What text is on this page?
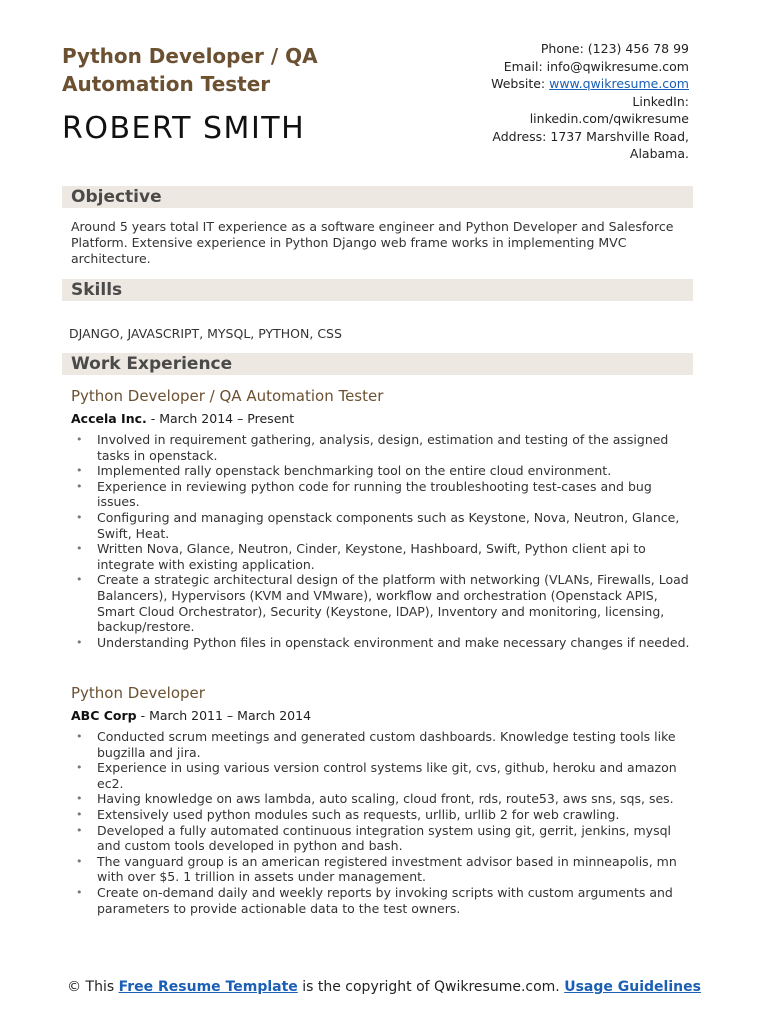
Python Developer / QA Automation Tester
ROBERT SMITH
Phone: (123) 456 78 99
Email: info@qwikresume.com
Website: www.qwikresume.com
LinkedIn:
linkedin.com/qwikresume
Address: 1737 Marshville Road,
Alabama.
Objective
Around 5 years total IT experience as a software engineer and Python Developer and Salesforce Platform. Extensive experience in Python Django web frame works in implementing MVC architecture.
Skills
DJANGO, JAVASCRIPT, MYSQL, PYTHON, CSS
Work Experience
Python Developer / QA Automation Tester
Accela Inc. - March 2014 – Present
• Involved in requirement gathering, analysis, design, estimation and testing of the assigned tasks in openstack.
• Implemented rally openstack benchmarking tool on the entire cloud environment.
• Experience in reviewing python code for running the troubleshooting test-cases and bug issues.
• Configuring and managing openstack components such as Keystone, Nova, Neutron, Glance, Swift, Heat.
• Written Nova, Glance, Neutron, Cinder, Keystone, Hashboard, Swift, Python client api to integrate with existing application.
• Create a strategic architectural design of the platform with networking (VLANs, Firewalls, Load Balancers), Hypervisors (KVM and VMware), workflow and orchestration (Openstack APIS, Smart Cloud Orchestrator), Security (Keystone, lDAP), Inventory and monitoring, licensing, backup/restore.
• Understanding Python files in openstack environment and make necessary changes if needed.
Python Developer
ABC Corp - March 2011 – March 2014
• Conducted scrum meetings and generated custom dashboards. Knowledge testing tools like bugzilla and jira.
• Experience in using various version control systems like git, cvs, github, heroku and amazon ec2.
• Having knowledge on aws lambda, auto scaling, cloud front, rds, route53, aws sns, sqs, ses.
• Extensively used python modules such as requests, urllib, urllib 2 for web crawling.
• Developed a fully automated continuous integration system using git, gerrit, jenkins, mysql and custom tools developed in python and bash.
• The vanguard group is an american registered investment advisor based in minneapolis, mn with over $5. 1 trillion in assets under management.
• Create on-demand daily and weekly reports by invoking scripts with custom arguments and parameters to provide actionable data to the test owners.
© This Free Resume Template is the copyright of Qwikresume.com. Usage Guidelines
